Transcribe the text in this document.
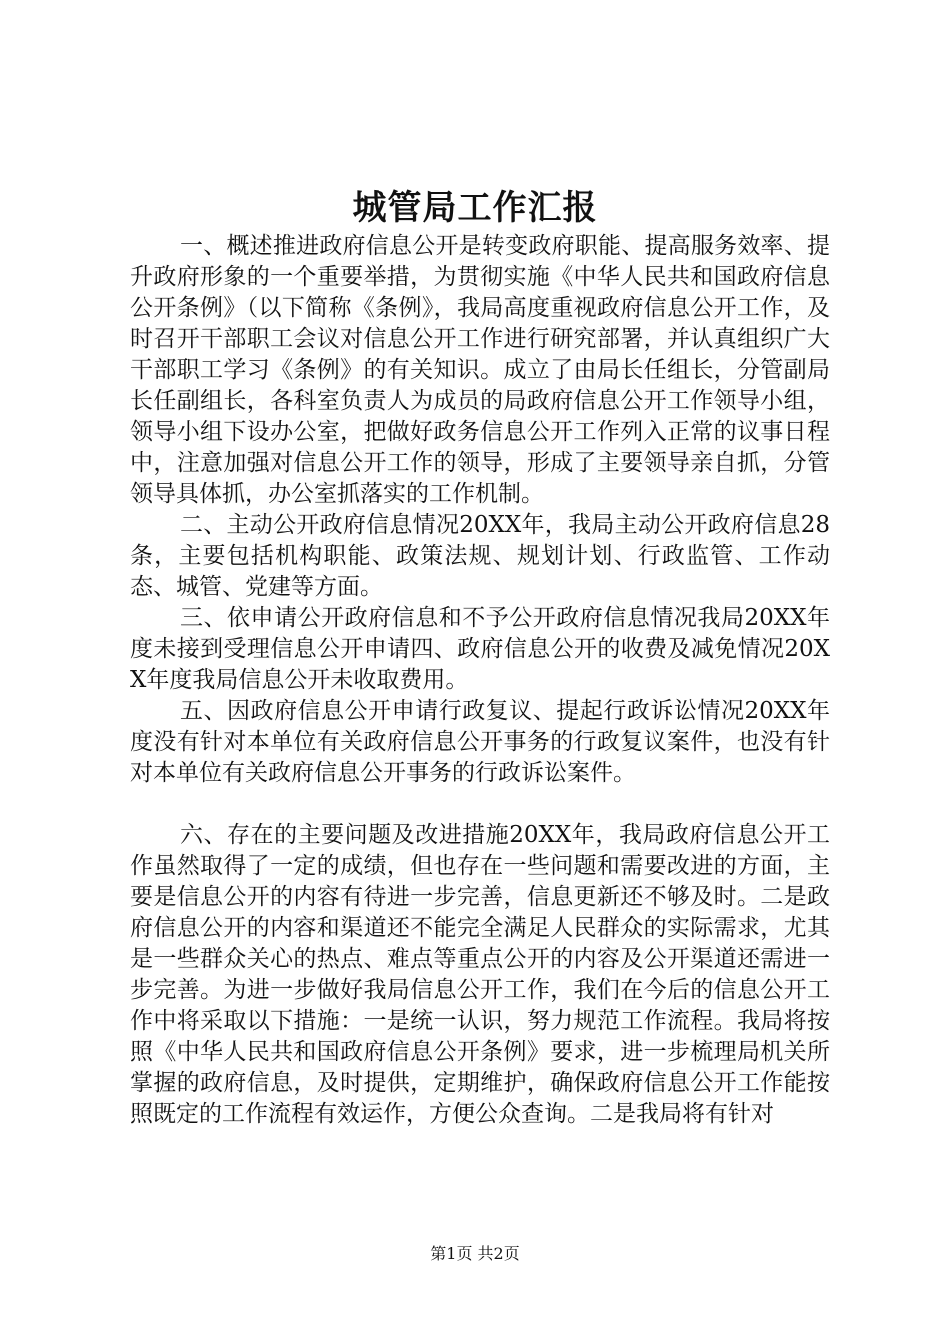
城管局工作汇报

一、概述推进政府信息公开是转变政府职能、提高服务效率、提升政府形象的一个重要举措，为贯彻实施《中华人民共和国政府信息公开条例》（以下简称《条例》，我局高度重视政府信息公开工作，及时召开干部职工会议对信息公开工作进行研究部署，并认真组织广大干部职工学习《条例》的有关知识。成立了由局长任组长，分管副局长任副组长，各科室负责人为成员的局政府信息公开工作领导小组，领导小组下设办公室，把做好政务信息公开工作列入正常的议事日程中，注意加强对信息公开工作的领导，形成了主要领导亲自抓，分管领导具体抓，办公室抓落实的工作机制。

二、主动公开政府信息情况20XX年，我局主动公开政府信息28条，主要包括机构职能、政策法规、规划计划、行政监管、工作动态、城管、党建等方面。

三、依申请公开政府信息和不予公开政府信息情况我局20XX年度未接到受理信息公开申请四、政府信息公开的收费及减免情况20XX年度我局信息公开未收取费用。

五、因政府信息公开申请行政复议、提起行政诉讼情况20XX年度没有针对本单位有关政府信息公开事务的行政复议案件，也没有针对本单位有关政府信息公开事务的行政诉讼案件。

六、存在的主要问题及改进措施20XX年，我局政府信息公开工作虽然取得了一定的成绩，但也存在一些问题和需要改进的方面，主要是信息公开的内容有待进一步完善，信息更新还不够及时。二是政府信息公开的内容和渠道还不能完全满足人民群众的实际需求，尤其是一些群众关心的热点、难点等重点公开的内容及公开渠道还需进一步完善。为进一步做好我局信息公开工作，我们在今后的信息公开工作中将采取以下措施：一是统一认识，努力规范工作流程。我局将按照《中华人民共和国政府信息公开条例》要求，进一步梳理局机关所掌握的政府信息，及时提供，定期维护，确保政府信息公开工作能按照既定的工作流程有效运作，方便公众查询。二是我局将有针对

第1页 共2页
